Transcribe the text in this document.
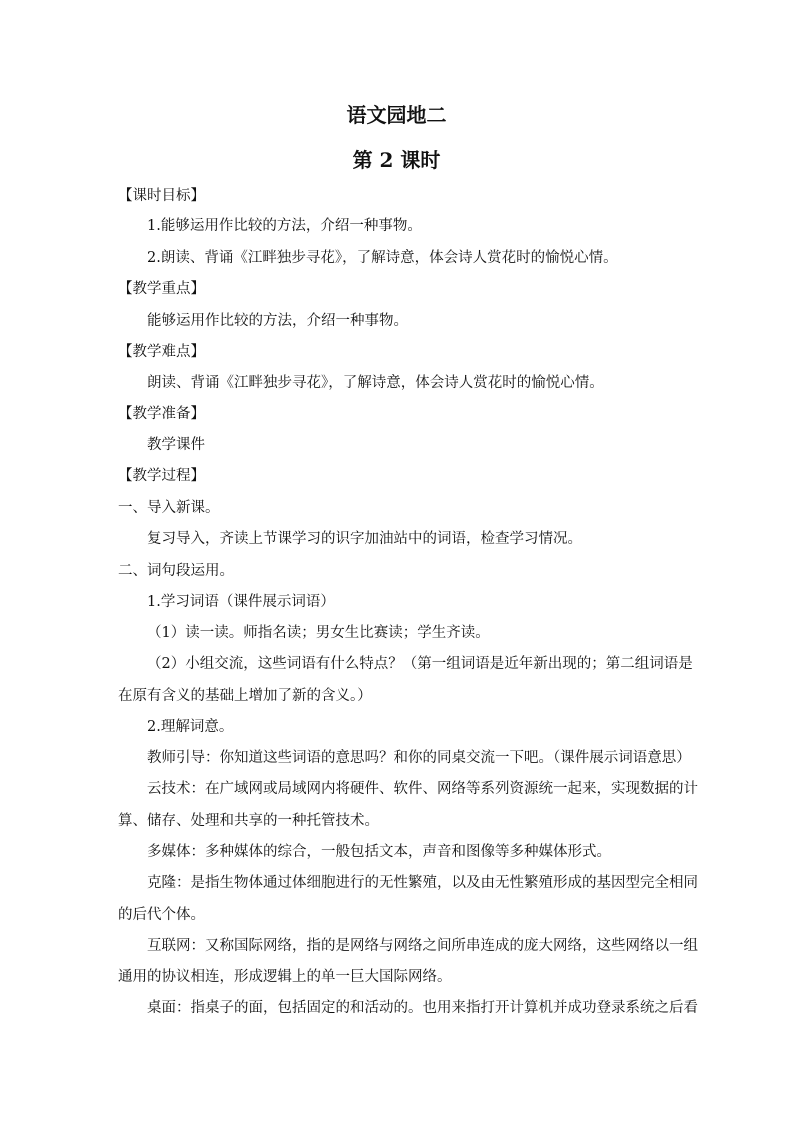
语文园地二
第 2 课时
【课时目标】
1.能够运用作比较的方法，介绍一种事物。
2.朗读、背诵《江畔独步寻花》，了解诗意，体会诗人赏花时的愉悦心情。
【教学重点】
能够运用作比较的方法，介绍一种事物。
【教学难点】
朗读、背诵《江畔独步寻花》，了解诗意，体会诗人赏花时的愉悦心情。
【教学准备】
教学课件
【教学过程】
一、导入新课。
复习导入，齐读上节课学习的识字加油站中的词语，检查学习情况。
二、词句段运用。
1.学习词语（课件展示词语）
（1）读一读。师指名读；男女生比赛读；学生齐读。
（2）小组交流，这些词语有什么特点？（第一组词语是近年新出现的；第二组词语是
在原有含义的基础上增加了新的含义。）
2.理解词意。
教师引导：你知道这些词语的意思吗？和你的同桌交流一下吧。（课件展示词语意思）
云技术：在广域网或局域网内将硬件、软件、网络等系列资源统一起来，实现数据的计
算、储存、处理和共享的一种托管技术。
多媒体：多种媒体的综合，一般包括文本，声音和图像等多种媒体形式。
克隆：是指生物体通过体细胞进行的无性繁殖，以及由无性繁殖形成的基因型完全相同
的后代个体。
互联网：又称国际网络，指的是网络与网络之间所串连成的庞大网络，这些网络以一组
通用的协议相连，形成逻辑上的单一巨大国际网络。
桌面：指桌子的面，包括固定的和活动的。也用来指打开计算机并成功登录系统之后看
